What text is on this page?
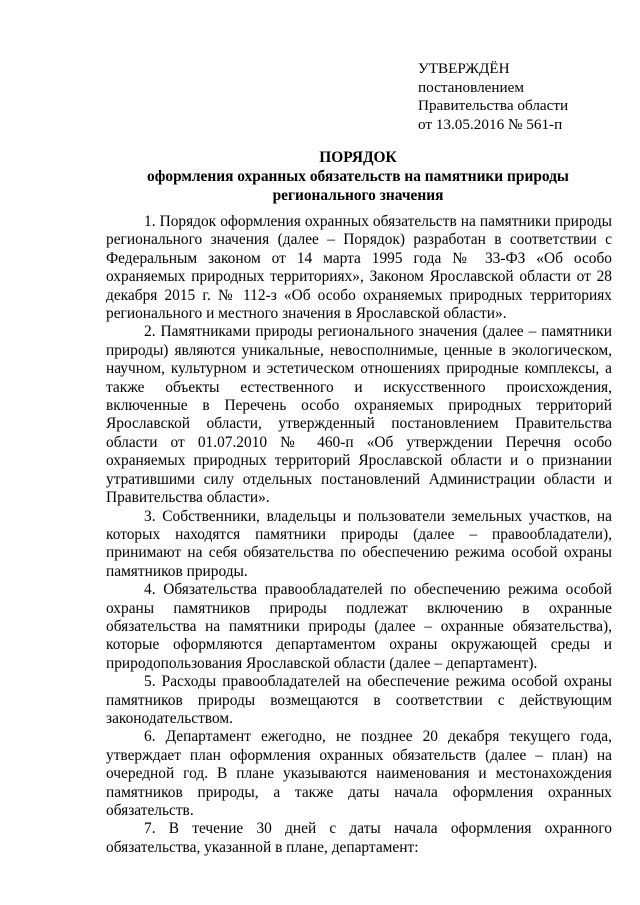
УТВЕРЖДЁН
постановлением
Правительства области
от 13.05.2016 № 561-п
ПОРЯДОК
оформления охранных обязательств на памятники природы
регионального значения

1. Порядок оформления охранных обязательств на памятники природы регионального значения (далее – Порядок) разработан в соответствии с Федеральным законом от 14 марта 1995 года № 33-ФЗ «Об особо охраняемых природных территориях», Законом Ярославской области от 28 декабря 2015 г. № 112-з «Об особо охраняемых природных территориях регионального и местного значения в Ярославской области».

2. Памятниками природы регионального значения (далее – памятники природы) являются уникальные, невосполнимые, ценные в экологическом, научном, культурном и эстетическом отношениях природные комплексы, а также объекты естественного и искусственного происхождения, включенные в Перечень особо охраняемых природных территорий Ярославской области, утвержденный постановлением Правительства области от 01.07.2010 № 460-п «Об утверждении Перечня особо охраняемых природных территорий Ярославской области и о признании утратившими силу отдельных постановлений Администрации области и Правительства области».

3. Собственники, владельцы и пользователи земельных участков, на которых находятся памятники природы (далее – правообладатели), принимают на себя обязательства по обеспечению режима особой охраны памятников природы.

4. Обязательства правообладателей по обеспечению режима особой охраны памятников природы подлежат включению в охранные обязательства на памятники природы (далее – охранные обязательства), которые оформляются департаментом охраны окружающей среды и природопользования Ярославской области (далее – департамент).

5. Расходы правообладателей на обеспечение режима особой охраны памятников природы возмещаются в соответствии с действующим законодательством.

6. Департамент ежегодно, не позднее 20 декабря текущего года, утверждает план оформления охранных обязательств (далее – план) на очередной год. В плане указываются наименования и местонахождения памятников природы, а также даты начала оформления охранных обязательств.

7. В течение 30 дней с даты начала оформления охранного обязательства, указанной в плане, департамент:
